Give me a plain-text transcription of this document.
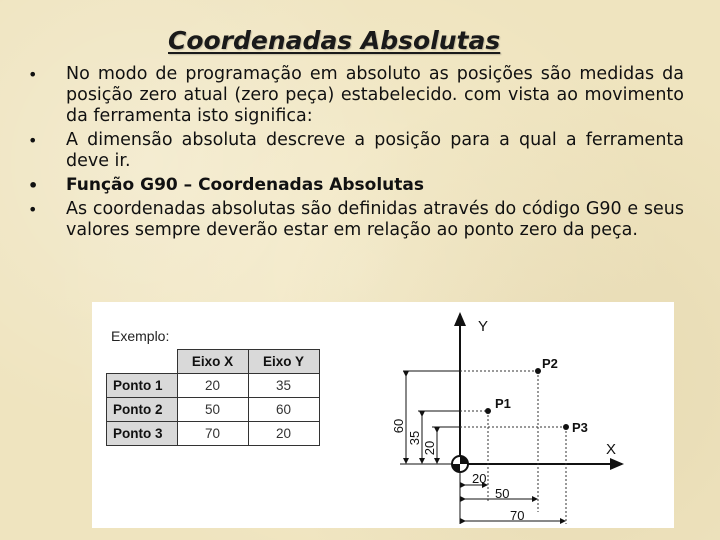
Coordenadas Absolutas
• No modo de programação em absoluto as posições são medidas da posição zero atual (zero peça) estabelecido. com vista ao movimento da ferramenta isto significa:
• A dimensão absoluta descreve a posição para a qual a ferramenta deve ir.
• Função G90 – Coordenadas Absolutas
• As coordenadas absolutas são definidas através do código G90 e seus valores sempre deverão estar em relação ao ponto zero da peça.
Exemplo:
	Eixo X	Eixo Y
Ponto 1	20	35
Ponto 2	50	60
Ponto 3	70	20
Y
X
60
35
20
20
50
70
P1
P2
P3
